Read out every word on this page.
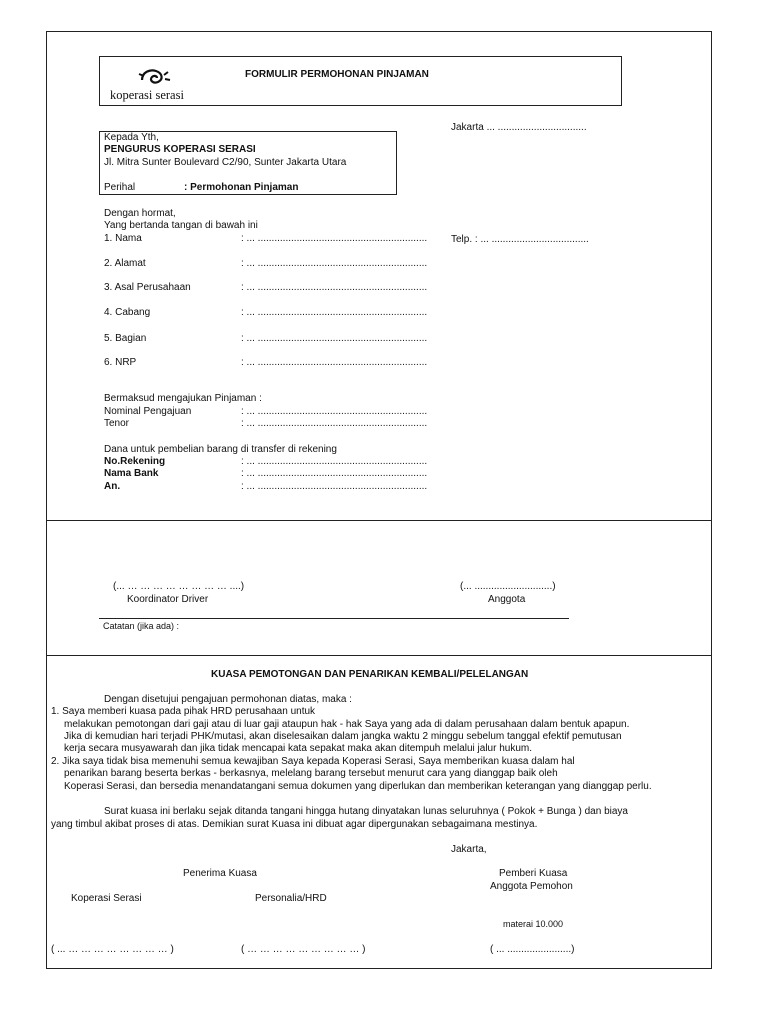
koperasi serasi
FORMULIR PERMOHONAN PINJAMAN
Jakarta ... ................................
Kepada Yth,
PENGURUS KOPERASI SERASI
Jl. Mitra Sunter Boulevard C2/90, Sunter Jakarta Utara
Perihal	: Permohonan Pinjaman
Dengan hormat,
Yang bertanda tangan di bawah ini
1. Nama	: ... ............................................................. Telp. : ... ...................................
2. Alamat	: ... .............................................................
3. Asal Perusahaan	: ... .............................................................
4. Cabang	: ... .............................................................
5. Bagian	: ... .............................................................
6. NRP	: ... .............................................................
Bermaksud mengajukan Pinjaman :
Nominal Pengajuan	: ... .............................................................
Tenor	: ... .............................................................
Dana untuk pembelian barang di transfer di rekening
No.Rekening	: ... .............................................................
Nama Bank	: ... .............................................................
An.	: ... .............................................................
(... … … … … … … … … ....)
Koordinator Driver
(... ............................)
Anggota
Catatan (jika ada) :
KUASA PEMOTONGAN DAN PENARIKAN KEMBALI/PELELANGAN
Dengan disetujui pengajuan permohonan diatas, maka :
1. Saya memberi kuasa pada pihak HRD perusahaan untuk
melakukan pemotongan dari gaji atau di luar gaji ataupun hak - hak Saya yang ada di dalam perusahaan dalam bentuk apapun.
Jika di kemudian hari terjadi PHK/mutasi, akan diselesaikan dalam jangka waktu 2 minggu sebelum tanggal efektif pemutusan
kerja secara musyawarah dan jika tidak mencapai kata sepakat maka akan ditempuh melalui jalur hukum.
2. Jika saya tidak bisa memenuhi semua kewajiban Saya kepada Koperasi Serasi, Saya memberikan kuasa dalam hal
penarikan barang beserta berkas - berkasnya, melelang barang tersebut menurut cara yang dianggap baik oleh
Koperasi Serasi, dan bersedia menandatangani semua dokumen yang diperlukan dan memberikan keterangan yang dianggap perlu.
Surat kuasa ini berlaku sejak ditanda tangani hingga hutang dinyatakan lunas seluruhnya ( Pokok + Bunga ) dan biaya
yang timbul akibat proses di atas. Demikian surat Kuasa ini dibuat agar dipergunakan sebagaimana mestinya.
Jakarta,
Penerima Kuasa	Pemberi Kuasa
Anggota Pemohon
Koperasi Serasi	Personalia/HRD
materai 10.000
( ... … … … … … … … … )	( … … … … … … … … … )	( ... .......................)
